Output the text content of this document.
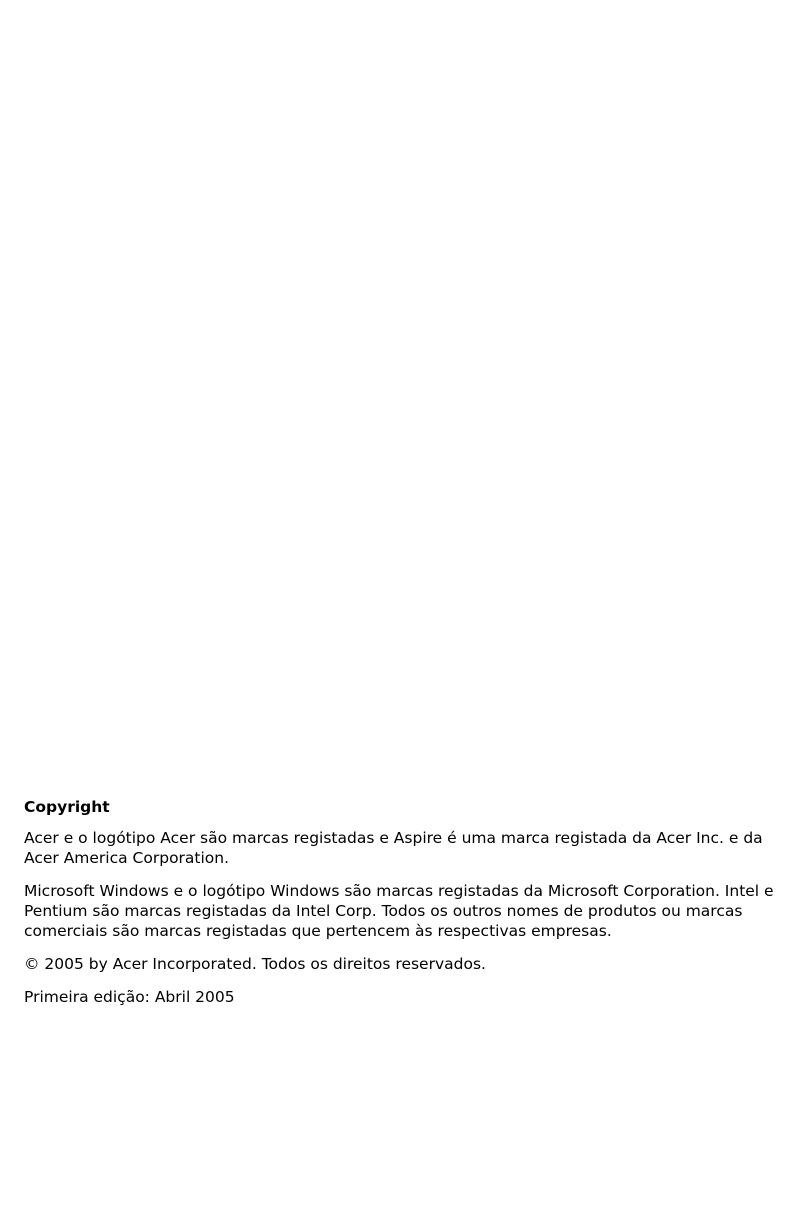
Copyright

Acer e o logótipo Acer são marcas registadas e Aspire é uma marca registada da Acer Inc. e da Acer America Corporation.

Microsoft Windows e o logótipo Windows são marcas registadas da Microsoft Corporation. Intel e Pentium são marcas registadas da Intel Corp. Todos os outros nomes de produtos ou marcas comerciais são marcas registadas que pertencem às respectivas empresas.

© 2005 by Acer Incorporated. Todos os direitos reservados.

Primeira edição: Abril 2005
